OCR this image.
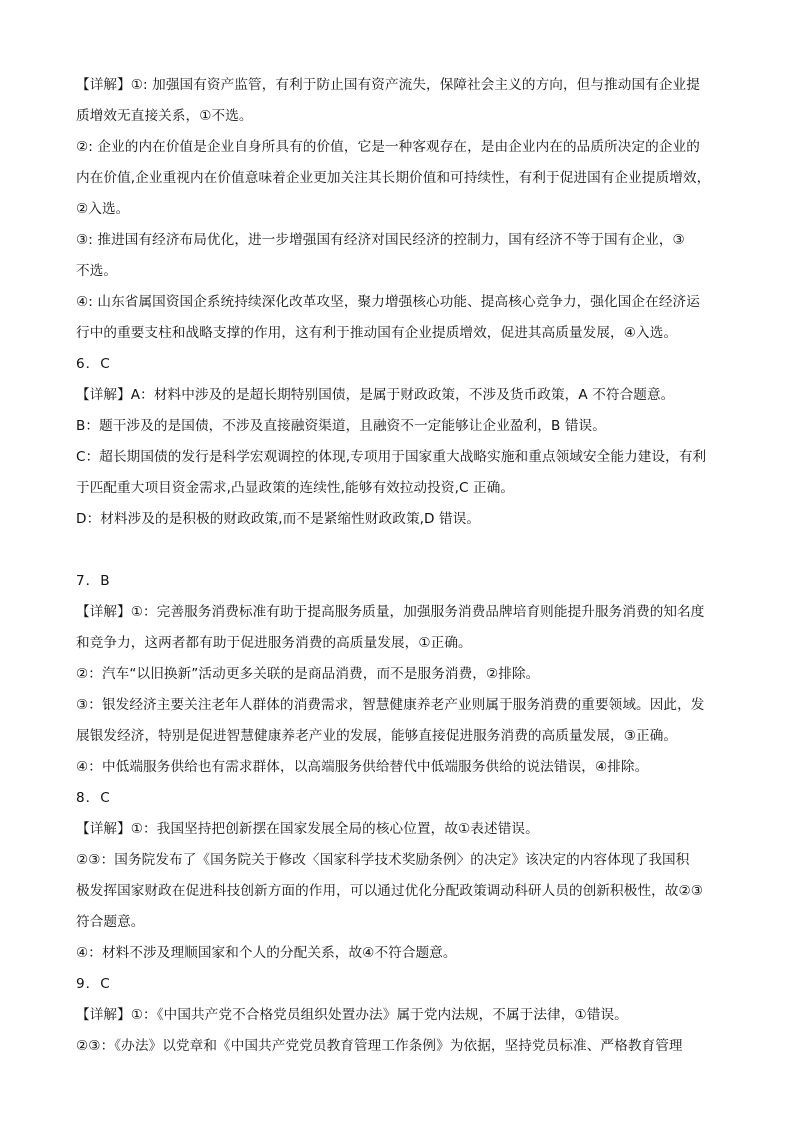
【详解】①: 加强国有资产监管，有利于防止国有资产流失，保障社会主义的方向，但与推动国有企业提
质增效无直接关系，①不选。
②: 企业的内在价值是企业自身所具有的价值，它是一种客观存在，是由企业内在的品质所决定的企业的
内在价值,企业重视内在价值意味着企业更加关注其长期价值和可持续性，有利于促进国有企业提质增效，
②入选。
③: 推进国有经济布局优化，进一步增强国有经济对国民经济的控制力，国有经济不等于国有企业，③
不选。
④: 山东省属国资国企系统持续深化改革攻坚，聚力增强核心功能、提高核心竞争力，强化国企在经济运
行中的重要支柱和战略支撑的作用，这有利于推动国有企业提质增效，促进其高质量发展，④入选。
6．C
【详解】A：材料中涉及的是超长期特别国债，是属于财政政策，不涉及货币政策，A 不符合题意。
B：题干涉及的是国债，不涉及直接融资渠道，且融资不一定能够让企业盈利，B 错误。
C：超长期国债的发行是科学宏观调控的体现,专项用于国家重大战略实施和重点领域安全能力建设，有利
于匹配重大项目资金需求,凸显政策的连续性,能够有效拉动投资,C 正确。
D：材料涉及的是积极的财政政策,而不是紧缩性财政政策,D 错误。
7．B
【详解】①：完善服务消费标准有助于提高服务质量，加强服务消费品牌培育则能提升服务消费的知名度
和竞争力，这两者都有助于促进服务消费的高质量发展，①正确。
②：汽车“以旧换新”活动更多关联的是商品消费，而不是服务消费，②排除。
③：银发经济主要关注老年人群体的消费需求，智慧健康养老产业则属于服务消费的重要领域。因此，发
展银发经济，特别是促进智慧健康养老产业的发展，能够直接促进服务消费的高质量发展，③正确。
④：中低端服务供给也有需求群体，以高端服务供给替代中低端服务供给的说法错误，④排除。
8．C
【详解】①：我国坚持把创新摆在国家发展全局的核心位置，故①表述错误。
②③：国务院发布了《国务院关于修改〈国家科学技术奖励条例〉的决定》该决定的内容体现了我国积
极发挥国家财政在促进科技创新方面的作用，可以通过优化分配政策调动科研人员的创新积极性，故②③
符合题意。
④：材料不涉及理顺国家和个人的分配关系，故④不符合题意。
9．C
【详解】①：《中国共产党不合格党员组织处置办法》属于党内法规，不属于法律，①错误。
②③：《办法》以党章和《中国共产党党员教育管理工作条例》为依据，坚持党员标准、严格教育管理
